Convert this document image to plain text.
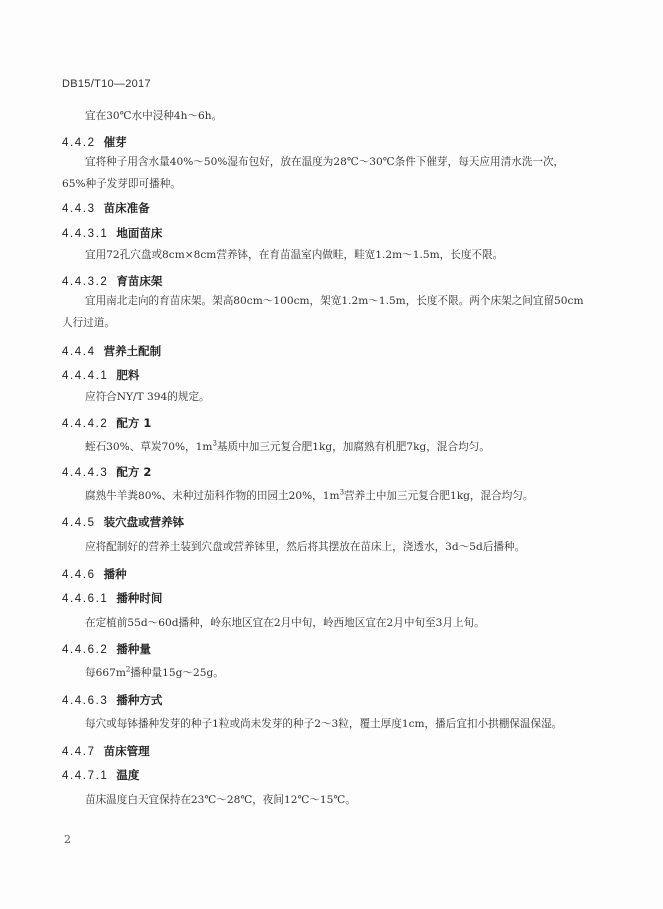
DB15/T10—2017
宜在30℃水中浸种4h～6h。
4.4.2 催芽
宜将种子用含水量40%～50%湿布包好，放在温度为28℃～30℃条件下催芽，每天应用清水洗一次，
65%种子发芽即可播种。
4.4.3 苗床准备
4.4.3.1 地面苗床
宜用72孔穴盘或8cm×8cm营养钵，在育苗温室内做畦，畦宽1.2m～1.5m，长度不限。
4.4.3.2 育苗床架
宜用南北走向的育苗床架。架高80cm～100cm，架宽1.2m～1.5m，长度不限。两个床架之间宜留50cm
人行过道。
4.4.4 营养土配制
4.4.4.1 肥料
应符合NY/T 394的规定。
4.4.4.2 配方 1
蛭石30%、草炭70%，$1m^3$基质中加三元复合肥1kg，加腐熟有机肥7kg，混合均匀。
4.4.4.3 配方 2
腐熟牛羊粪80%、未种过茄科作物的田园土20%，$1m^3$营养土中加三元复合肥1kg，混合均匀。
4.4.5 装穴盘或营养钵
应将配制好的营养土装到穴盘或营养钵里，然后将其摆放在苗床上，浇透水，3d～5d后播种。
4.4.6 播种
4.4.6.1 播种时间
在定植前55d～60d播种，岭东地区宜在2月中旬，岭西地区宜在2月中旬至3月上旬。
4.4.6.2 播种量
每$667m^2$播种量15g～25g。
4.4.6.3 播种方式
每穴或每钵播种发芽的种子1粒或尚未发芽的种子2～3粒，覆土厚度1cm，播后宜扣小拱棚保温保湿。
4.4.7 苗床管理
4.4.7.1 温度
苗床温度白天宜保持在23℃～28℃，夜间12℃～15℃。
2
